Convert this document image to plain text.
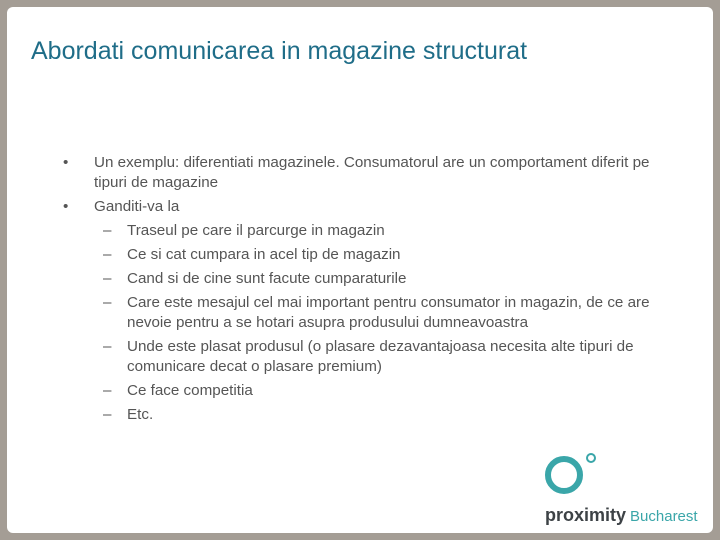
Abordati comunicarea in magazine structurat
• Un exemplu: diferentiati magazinele. Consumatorul are un comportament diferit pe tipuri de magazine
• Ganditi-va la
– Traseul pe care il parcurge in magazin
– Ce si cat cumpara in acel tip de magazin
– Cand si de cine sunt facute cumparaturile
– Care este mesajul cel mai important pentru consumator in magazin, de ce are nevoie pentru a se hotari asupra produsului dumneavoastra
– Unde este plasat produsul (o plasare dezavantajoasa necesita alte tipuri de comunicare decat o plasare premium)
– Ce face competitia
– Etc.
proximity Bucharest
